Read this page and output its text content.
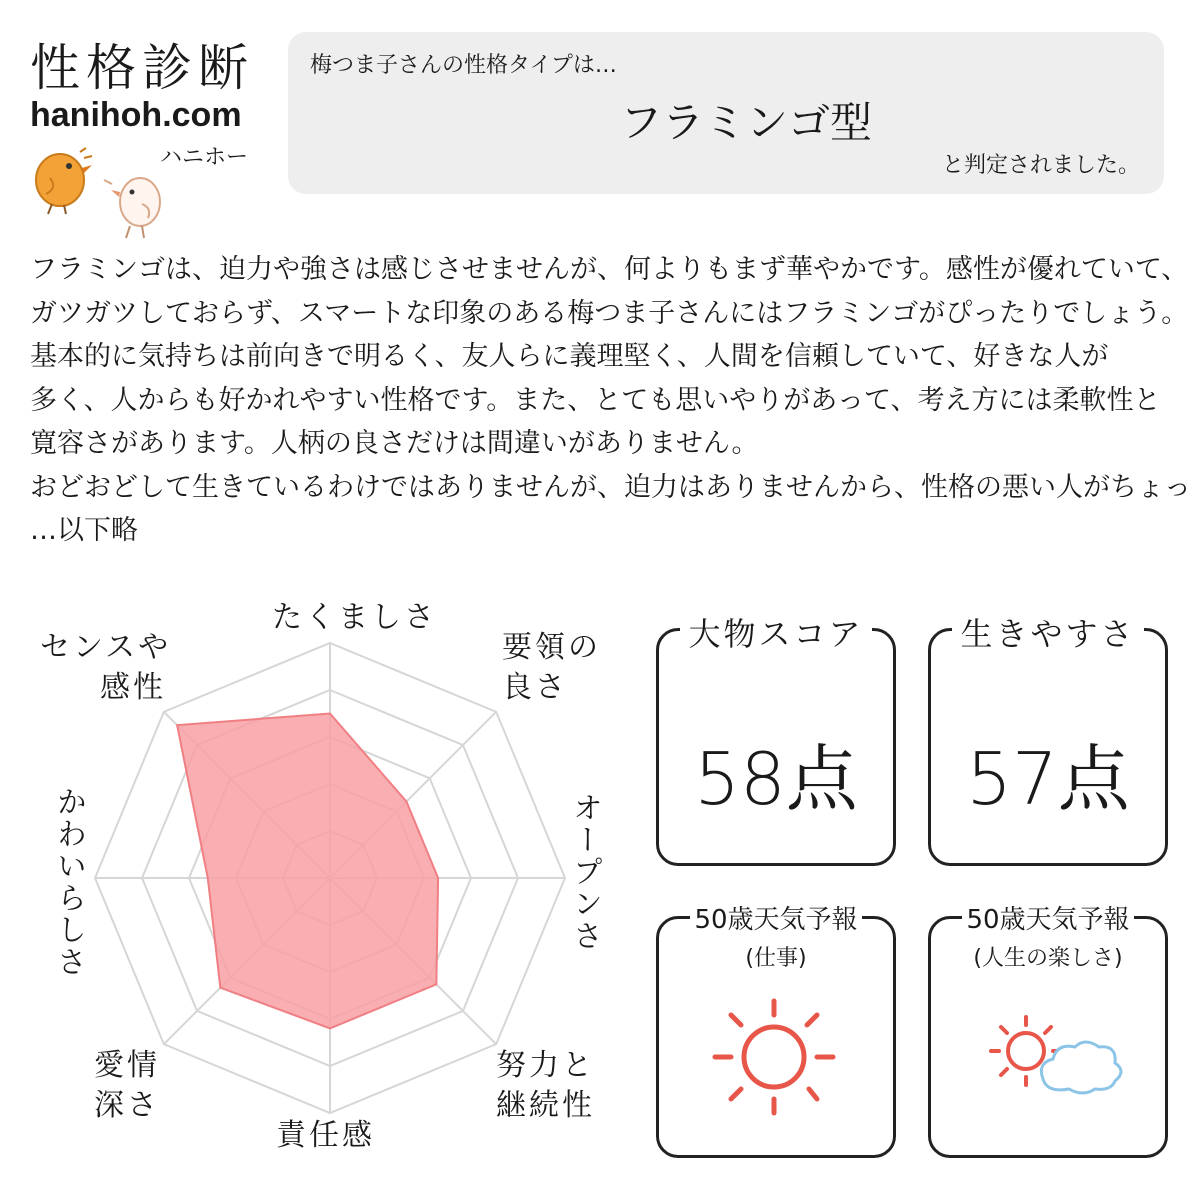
性格診断
hanihoh.com
ハニホー
梅つま子さんの性格タイプは…
フラミンゴ型
と判定されました。

フラミンゴは、迫力や強さは感じさせませんが、何よりもまず華やかです。感性が優れていて、

ガツガツしておらず、スマートな印象のある梅つま子さんにはフラミンゴがぴったりでしょう。

基本的に気持ちは前向きで明るく、友人らに義理堅く、人間を信頼していて、好きな人が

多く、人からも好かれやすい性格です。また、とても思いやりがあって、考え方には柔軟性と

寛容さがあります。人柄の良さだけは間違いがありません。

おどおどして生きているわけではありませんが、迫力はありませんから、性格の悪い人がちょっ

…以下略

たくましさ
要領の
良さ
オープンさ
努力と
継続性
責任感
愛情
深さ
かわいらしさ
センスや
感性
大物スコア
58点
生きやすさ
57点
50歳天気予報
(仕事)
50歳天気予報
(人生の楽しさ)
